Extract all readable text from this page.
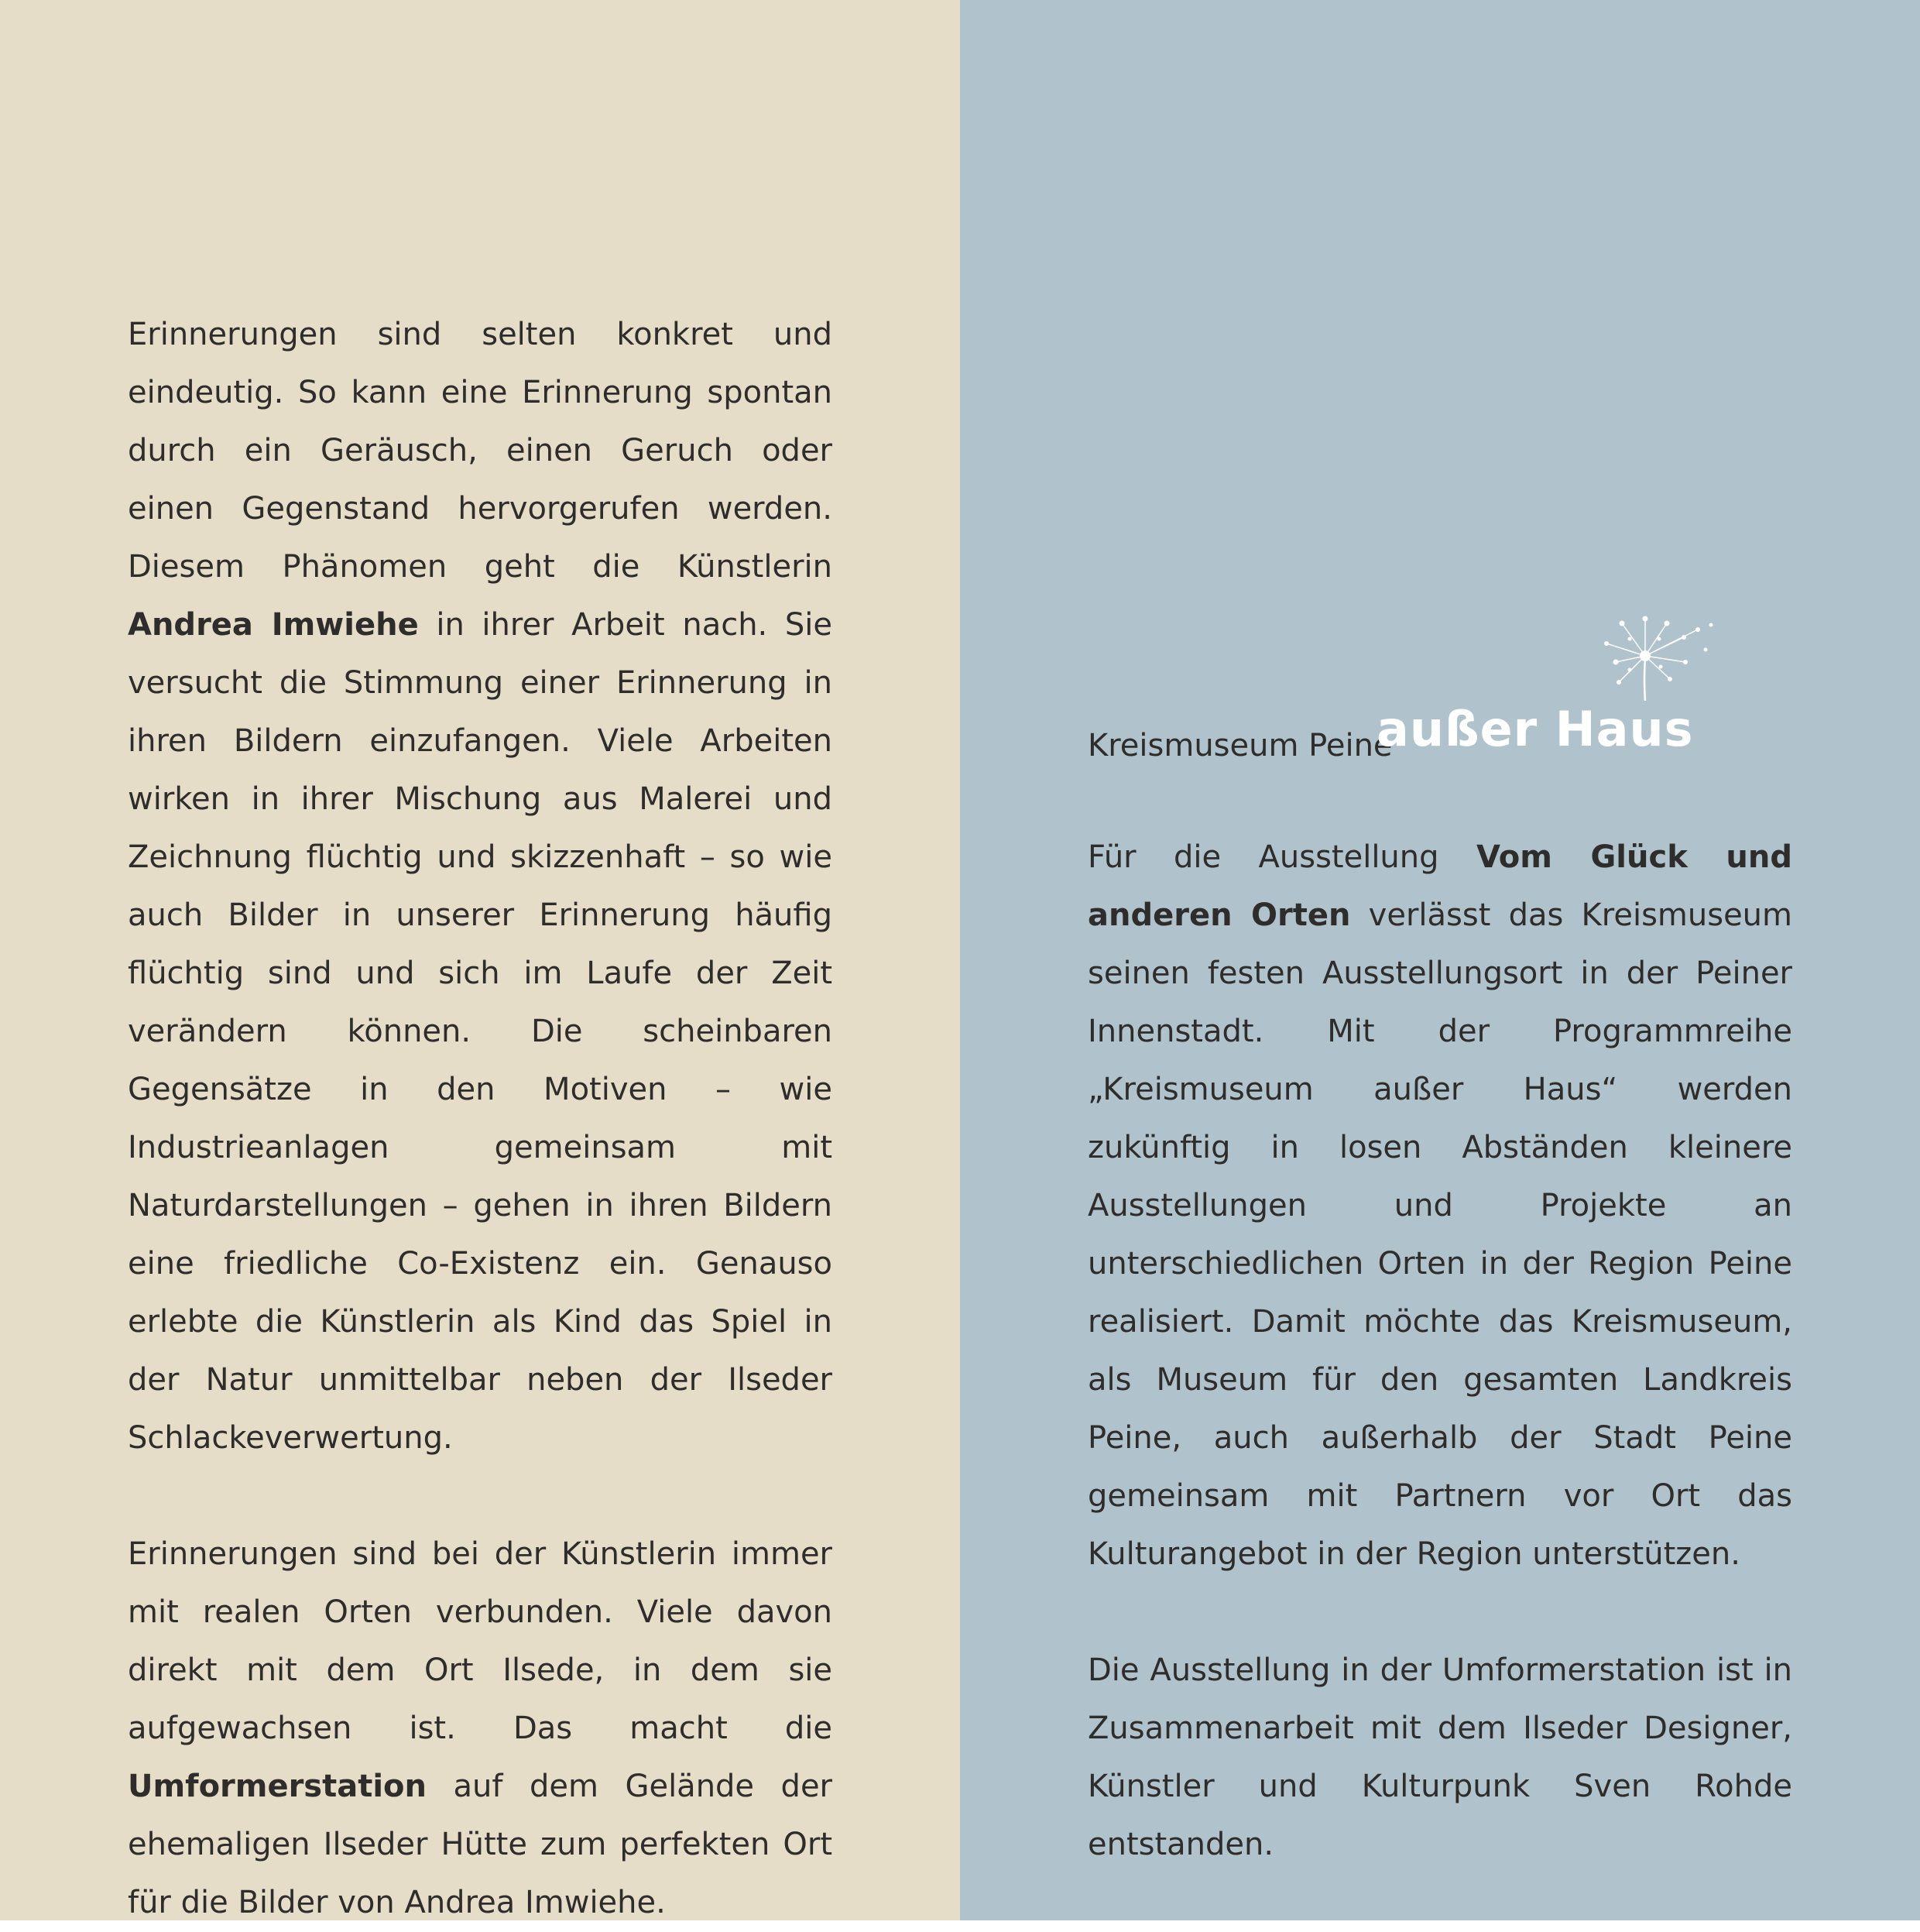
Erinnerungen sind selten konkret und eindeutig. So kann eine Erinnerung spontan durch ein Geräusch, einen Geruch oder einen Gegenstand hervorgerufen werden. Diesem Phänomen geht die Künstlerin Andrea Imwiehe in ihrer Arbeit nach. Sie versucht die Stimmung einer Erinnerung in ihren Bildern einzufangen. Viele Arbeiten wirken in ihrer Mischung aus Malerei und Zeichnung flüchtig und skizzenhaft – so wie auch Bilder in unserer Erinnerung häufig flüchtig sind und sich im Laufe der Zeit verändern können. Die scheinbaren Gegensätze in den Motiven – wie Industrieanlagen gemeinsam mit Naturdarstellungen – gehen in ihren Bildern eine friedliche Co-Existenz ein. Genauso erlebte die Künstlerin als Kind das Spiel in der Natur unmittelbar neben der Ilseder Schlackeverwertung.

Erinnerungen sind bei der Künstlerin immer mit realen Orten verbunden. Viele davon direkt mit dem Ort Ilsede, in dem sie aufgewachsen ist. Das macht die Umformerstation auf dem Gelände der ehemaligen Ilseder Hütte zum perfekten Ort für die Bilder von Andrea Imwiehe.

Kreismuseum Peine
außer Haus

Für die Ausstellung Vom Glück und anderen Orten verlässt das Kreismuseum seinen festen Ausstellungsort in der Peiner Innenstadt. Mit der Programmreihe „Kreismuseum außer Haus“ werden zukünftig in losen Abständen kleinere Ausstellungen und Projekte an unterschiedlichen Orten in der Region Peine realisiert. Damit möchte das Kreismuseum, als Museum für den gesamten Landkreis Peine, auch außerhalb der Stadt Peine gemeinsam mit Partnern vor Ort das Kulturangebot in der Region unterstützen.

Die Ausstellung in der Umformerstation ist in Zusammenarbeit mit dem Ilseder Designer, Künstler und Kulturpunk Sven Rohde entstanden.
